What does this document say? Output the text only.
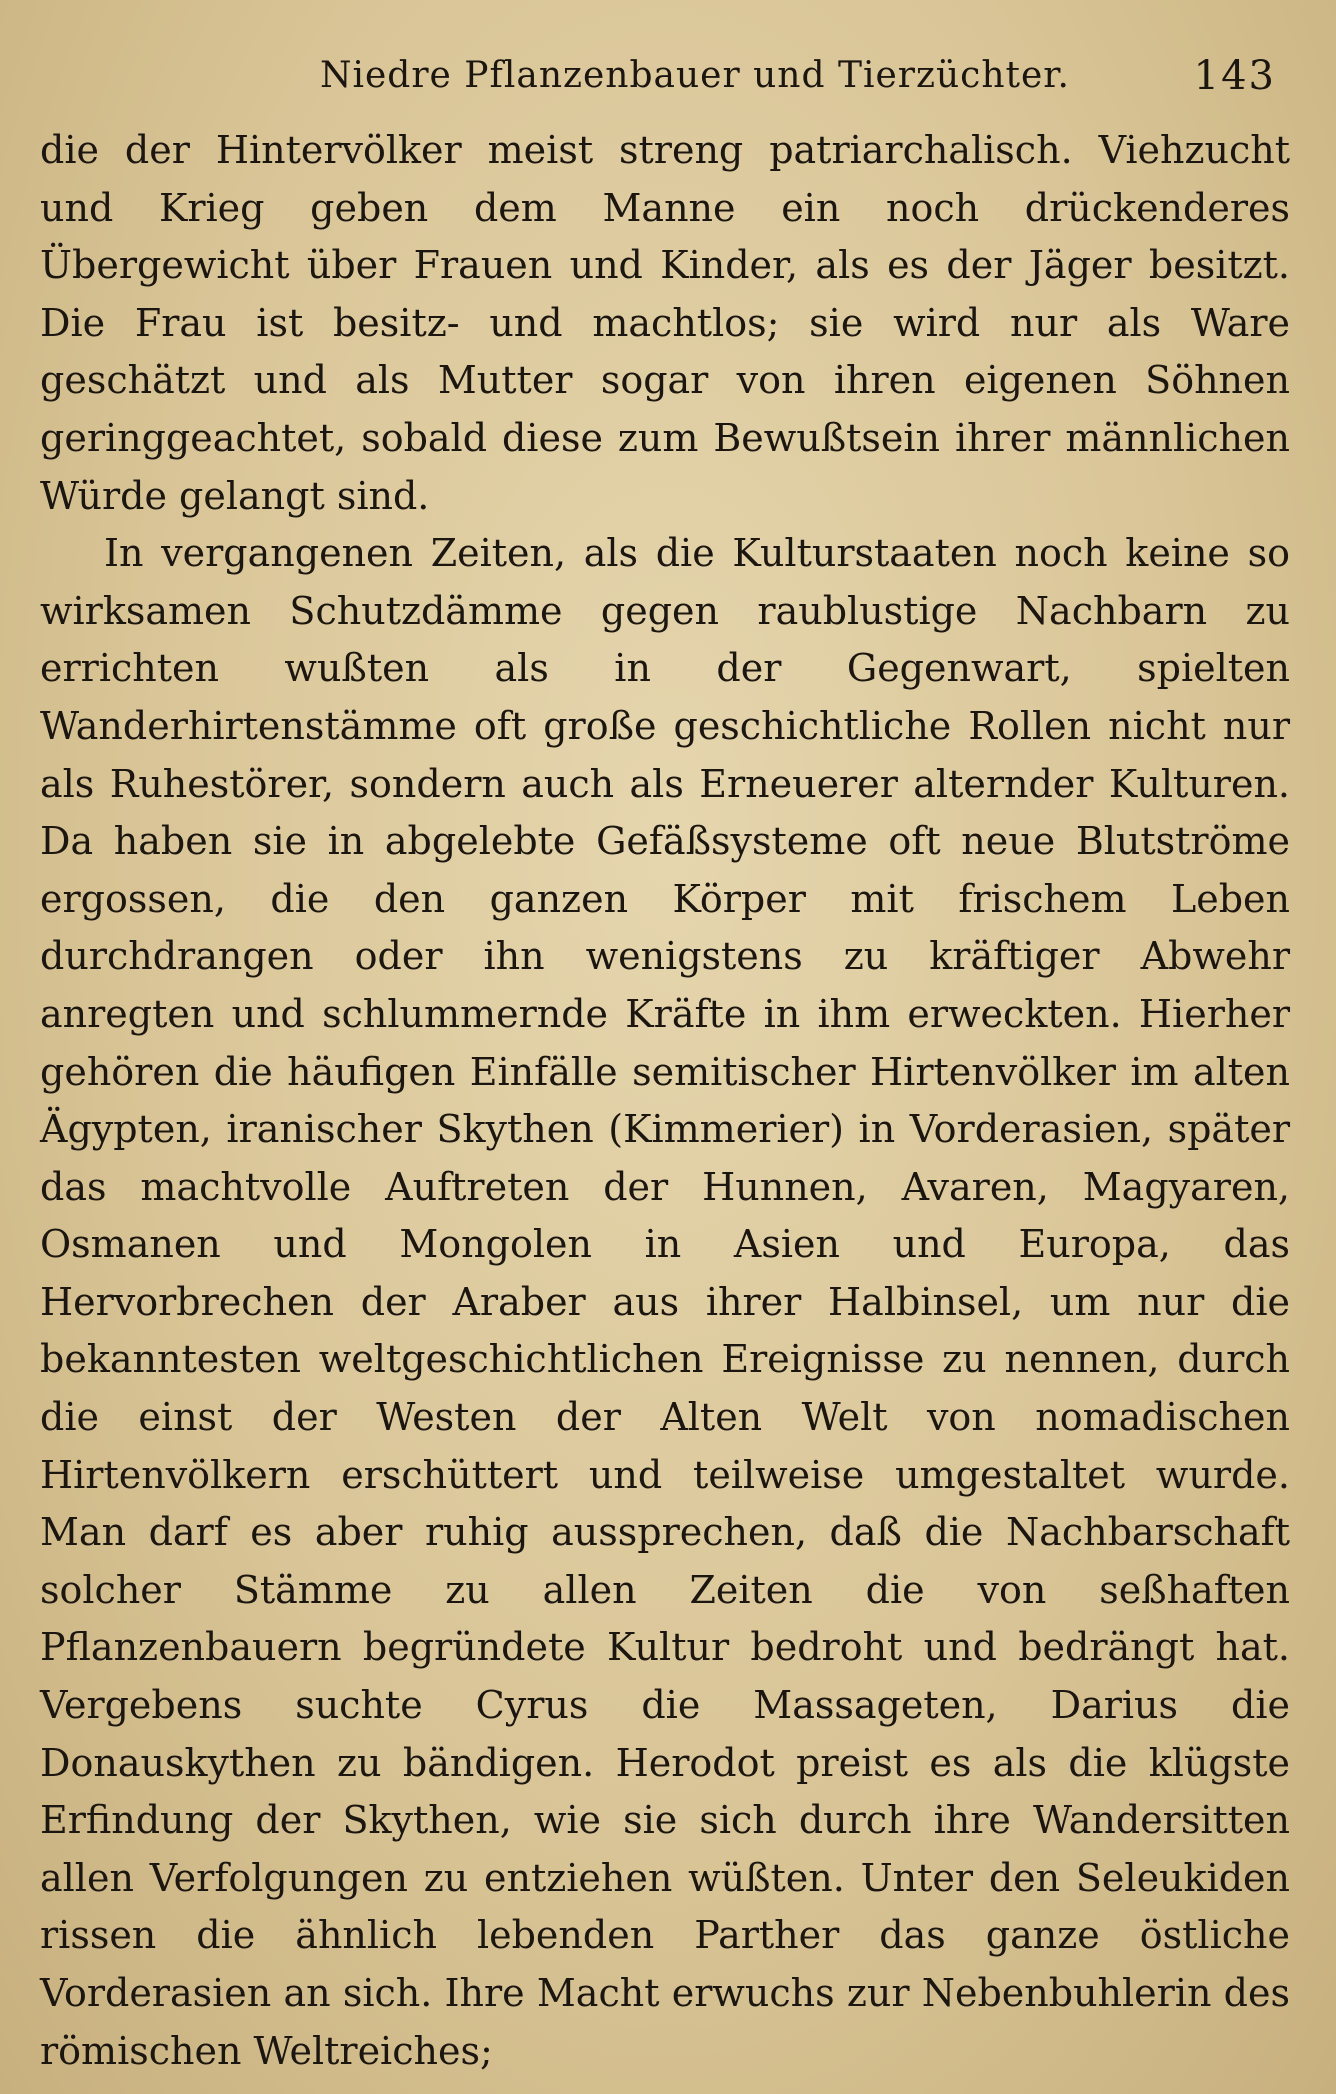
Niedre Pflanzenbauer und Tierzüchter.	143

die der Hintervölker meist streng patriarchalisch. Viehzucht und Krieg geben dem Manne ein noch drückenderes Übergewicht über Frauen und Kinder, als es der Jäger besitzt. Die Frau ist besitz- und machtlos; sie wird nur als Ware geschätzt und als Mutter sogar von ihren eigenen Söhnen geringgeachtet, sobald diese zum Bewußtsein ihrer männlichen Würde gelangt sind.

In vergangenen Zeiten, als die Kulturstaaten noch keine so wirksamen Schutzdämme gegen raublustige Nachbarn zu errichten wußten als in der Gegenwart, spielten Wanderhirtenstämme oft große geschichtliche Rollen nicht nur als Ruhestörer, sondern auch als Erneuerer alternder Kulturen. Da haben sie in abgelebte Gefäßsysteme oft neue Blutströme ergossen, die den ganzen Körper mit frischem Leben durchdrangen oder ihn wenigstens zu kräftiger Abwehr anregten und schlummernde Kräfte in ihm erweckten. Hierher gehören die häufigen Einfälle semitischer Hirtenvölker im alten Ägypten, iranischer Skythen (Kimmerier) in Vorderasien, später das machtvolle Auftreten der Hunnen, Avaren, Magyaren, Osmanen und Mongolen in Asien und Europa, das Hervorbrechen der Araber aus ihrer Halbinsel, um nur die bekanntesten weltgeschichtlichen Ereignisse zu nennen, durch die einst der Westen der Alten Welt von nomadischen Hirtenvölkern erschüttert und teilweise umgestaltet wurde. Man darf es aber ruhig aussprechen, daß die Nachbarschaft solcher Stämme zu allen Zeiten die von seßhaften Pflanzenbauern begründete Kultur bedroht und bedrängt hat. Vergebens suchte Cyrus die Massageten, Darius die Donauskythen zu bändigen. Herodot preist es als die klügste Erfindung der Skythen, wie sie sich durch ihre Wandersitten allen Verfolgungen zu entziehen wüßten. Unter den Seleukiden rissen die ähnlich lebenden Parther das ganze östliche Vorderasien an sich. Ihre Macht erwuchs zur Nebenbuhlerin des römischen Weltreiches;
